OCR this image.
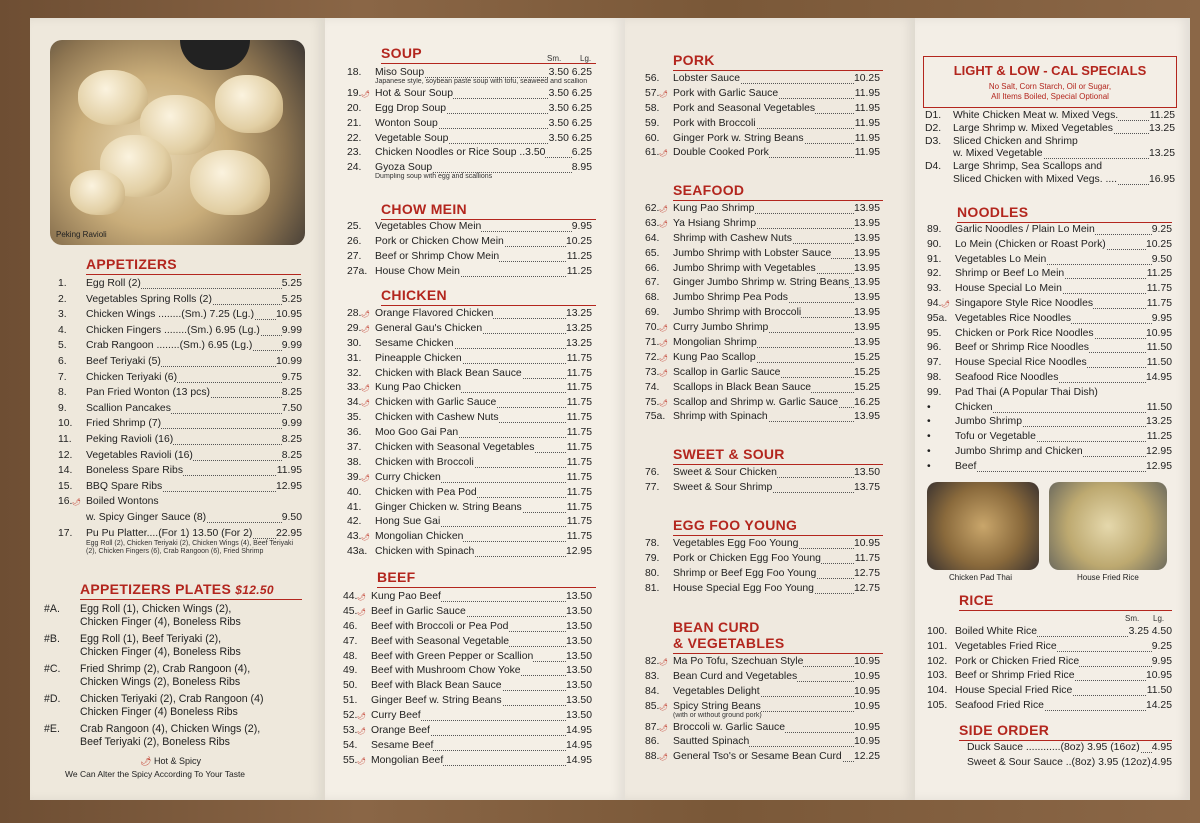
Peking Ravioli
APPETIZERS
1.	Egg Roll (2)	5.25
2.	Vegetables Spring Rolls (2)	5.25
3.	Chicken Wings ........(Sm.) 7.25 (Lg.) 10.95
4.	Chicken Fingers ........(Sm.) 6.95 (Lg.) 9.99
5.	Crab Rangoon ........(Sm.) 6.95 (Lg.)	9.99
6.	Beef Teriyaki (5)	10.99
7.	Chicken Teriyaki (6)	9.75
8.	Pan Fried Wonton (13 pcs)	8.25
9.	Scallion Pancakes	7.50
10.	Fried Shrimp (7)	9.99
11.	Peking Ravioli (16)	8.25
12.	Vegetables Ravioli (16)	8.25
14.	Boneless Spare Ribs	11.95
15.	BBQ Spare Ribs	12.95
16. 🌶 Boiled Wontons
w. Spicy Ginger Sauce (8)	9.50
17.	Pu Pu Platter....(For 1) 13.50 (For 2) 22.95
Egg Roll (2), Chicken Teriyaki (2), Chicken Wings (4), Beef Teriyaki (2), Chicken Fingers (6), Crab Rangoon (6), Fried Shrimp
APPETIZERS PLATES $12.50
#A. Egg Roll (1), Chicken Wings (2),
Chicken Finger (4), Boneless Ribs
#B. Egg Roll (1), Beef Teriyaki (2),
Chicken Finger (4), Boneless Ribs
#C. Fried Shrimp (2), Crab Rangoon (4),
Chicken Wings (2), Boneless Ribs
#D. Chicken Teriyaki (2), Crab Rangoon (4)
Chicken Finger (4) Boneless Ribs
#E. Crab Rangoon (4), Chicken Wings (2),
Beef Teriyaki (2), Boneless Ribs
🌶 Hot & Spicy
We Can Alter the Spicy According To Your Taste
SOUP	Sm. Lg.
18.	Miso Soup	3.50 6.25
Japanese style, soybean paste soup with tofu, seaweed and scallion
19. 🌶 Hot & Sour Soup	3.50 6.25
20.	Egg Drop Soup	3.50 6.25
21.	Wonton Soup	3.50 6.25
22.	Vegetable Soup	3.50 6.25
23.	Chicken Noodles or Rice Soup ..3.50	6.25
24.	Gyoza Soup	8.95
Dumpling soup with egg and scallions
CHOW MEIN
25.	Vegetables Chow Mein	9.95
26.	Pork or Chicken Chow Mein	10.25
27.	Beef or Shrimp Chow Mein	11.25
27a. House Chow Mein	11.25
CHICKEN
28. 🌶 Orange Flavored Chicken	13.25
29. 🌶 General Gau's Chicken	13.25
30.	Sesame Chicken	13.25
31.	Pineapple Chicken	11.75
32.	Chicken with Black Bean Sauce	11.75
33. 🌶 Kung Pao Chicken	11.75
34. 🌶 Chicken with Garlic Sauce	11.75
35.	Chicken with Cashew Nuts	11.75
36.	Moo Goo Gai Pan	11.75
37.	Chicken with Seasonal Vegetables	11.75
38.	Chicken with Broccoli	11.75
39. 🌶 Curry Chicken	11.75
40.	Chicken with Pea Pod	11.75
41.	Ginger Chicken w. String Beans	11.75
42.	Hong Sue Gai	11.75
43. 🌶 Mongolian Chicken	11.75
43a. Chicken with Spinach	12.95
BEEF
44. 🌶 Kung Pao Beef	13.50
45. 🌶 Beef in Garlic Sauce	13.50
46.	Beef with Broccoli or Pea Pod	13.50
47.	Beef with Seasonal Vegetable	13.50
48.	Beef with Green Pepper or Scallion	13.50
49.	Beef with Mushroom Chow Yoke	13.50
50.	Beef with Black Bean Sauce	13.50
51.	Ginger Beef w. String Beans	13.50
52. 🌶 Curry Beef	13.50
53. 🌶 Orange Beef	14.95
54.	Sesame Beef	14.95
55. 🌶 Mongolian Beef	14.95
PORK
56.	Lobster Sauce	10.25
57. 🌶 Pork with Garlic Sauce	11.95
58.	Pork and Seasonal Vegetables	11.95
59.	Pork with Broccoli	11.95
60.	Ginger Pork w. String Beans	11.95
61. 🌶 Double Cooked Pork	11.95
SEAFOOD
62. 🌶 Kung Pao Shrimp	13.95
63. 🌶 Ya Hsiang Shrimp	13.95
64.	Shrimp with Cashew Nuts	13.95
65.	Jumbo Shrimp with Lobster Sauce 13.95
66.	Jumbo Shrimp with Vegetables	13.95
67.	Ginger Jumbo Shrimp w. String Beans 13.95
68.	Jumbo Shrimp Pea Pods	13.95
69.	Jumbo Shrimp with Broccoli	13.95
70. 🌶 Curry Jumbo Shrimp	13.95
71. 🌶 Mongolian Shrimp	13.95
72. 🌶 Kung Pao Scallop	15.25
73. 🌶 Scallop in Garlic Sauce	15.25
74.	Scallops in Black Bean Sauce	15.25
75. 🌶 Scallop and Shrimp w. Garlic Sauce 16.25
75a. Shrimp with Spinach	13.95
SWEET & SOUR
76.	Sweet & Sour Chicken	13.50
77.	Sweet & Sour Shrimp	13.75
EGG FOO YOUNG
78.	Vegetables Egg Foo Young	10.95
79.	Pork or Chicken Egg Foo Young	11.75
80.	Shrimp or Beef Egg Foo Young	12.75
81.	House Special Egg Foo Young	12.75
BEAN CURD
& VEGETABLES
82. 🌶 Ma Po Tofu, Szechuan Style	10.95
83.	Bean Curd and Vegetables	10.95
84.	Vegetables Delight	10.95
85. 🌶 Spicy String Beans	10.95
(with or without ground pork)
87. 🌶 Broccoli w. Garlic Sauce	10.95
86.	Sautted Spinach	10.95
88. 🌶 General Tso's or Sesame Bean Curd 12.25
LIGHT & LOW - CAL SPECIALS
No Salt, Corn Starch, Oil or Sugar,
All Items Boiled, Special Optional
D1.	White Chicken Meat w. Mixed Vegs.	11.25
D2.	Large Shrimp w. Mixed Vegetables	13.25
D3.	Sliced Chicken and Shrimp
w. Mixed Vegetable	13.25
D4.	Large Shrimp, Sea Scallops and
Sliced Chicken with Mixed Vegs. ....	16.95
NOODLES
89.	Garlic Noodles / Plain Lo Mein	9.25
90.	Lo Mein (Chicken or Roast Pork)	10.25
91.	Vegetables Lo Mein	9.50
92.	Shrimp or Beef Lo Mein	11.25
93.	House Special Lo Mein	11.75
94. 🌶 Singapore Style Rice Noodles	11.75
95a. Vegetables Rice Noodles	9.95
95.	Chicken or Pork Rice Noodles	10.95
96.	Beef or Shrimp Rice Noodles	11.50
97.	House Special Rice Noodles	11.50
98.	Seafood Rice Noodles	14.95
99.	Pad Thai (A Popular Thai Dish)
•	Chicken	11.50
•	Jumbo Shrimp	13.25
•	Tofu or Vegetable	11.25
•	Jumbo Shrimp and Chicken	12.95
•	Beef	12.95
Chicken Pad Thai	House Fried Rice
RICE
Sm. Lg.
100. Boiled White Rice	3.25 4.50
101. Vegetables Fried Rice	9.25
102. Pork or Chicken Fried Rice	9.95
103. Beef or Shrimp Fried Rice	10.95
104. House Special Fried Rice	11.50
105. Seafood Fried Rice	14.25
SIDE ORDER
Duck Sauce ............(8oz) 3.95 (16oz) 4.95
Sweet & Sour Sauce ..(8oz) 3.95 (12oz) 4.95
